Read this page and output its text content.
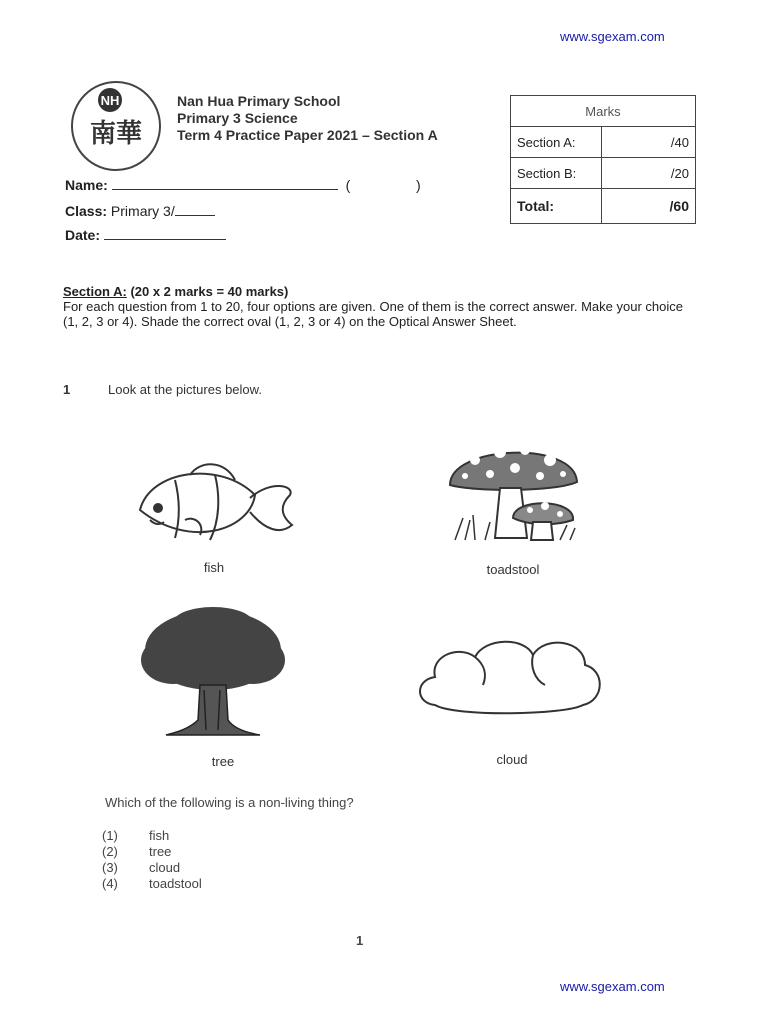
www.sgexam.com
NH
南華
Nan Hua Primary School
Primary 3 Science
Term 4 Practice Paper 2021 – Section A
Marks	
Section A:	/40
Section B:	/20
Total:	/60
Name:	(	)
Class: Primary 3/
Date:
Section A: (20 x 2 marks = 40 marks)
For each question from 1 to 20, four options are given. One of them is the correct answer. Make your choice (1, 2, 3 or 4). Shade the correct oval (1, 2, 3 or 4) on the Optical Answer Sheet.
1	Look at the pictures below.
fish	toadstool
tree	cloud
Which of the following is a non-living thing?
(1)	fish
(2)	tree
(3)	cloud
(4)	toadstool
1
www.sgexam.com
